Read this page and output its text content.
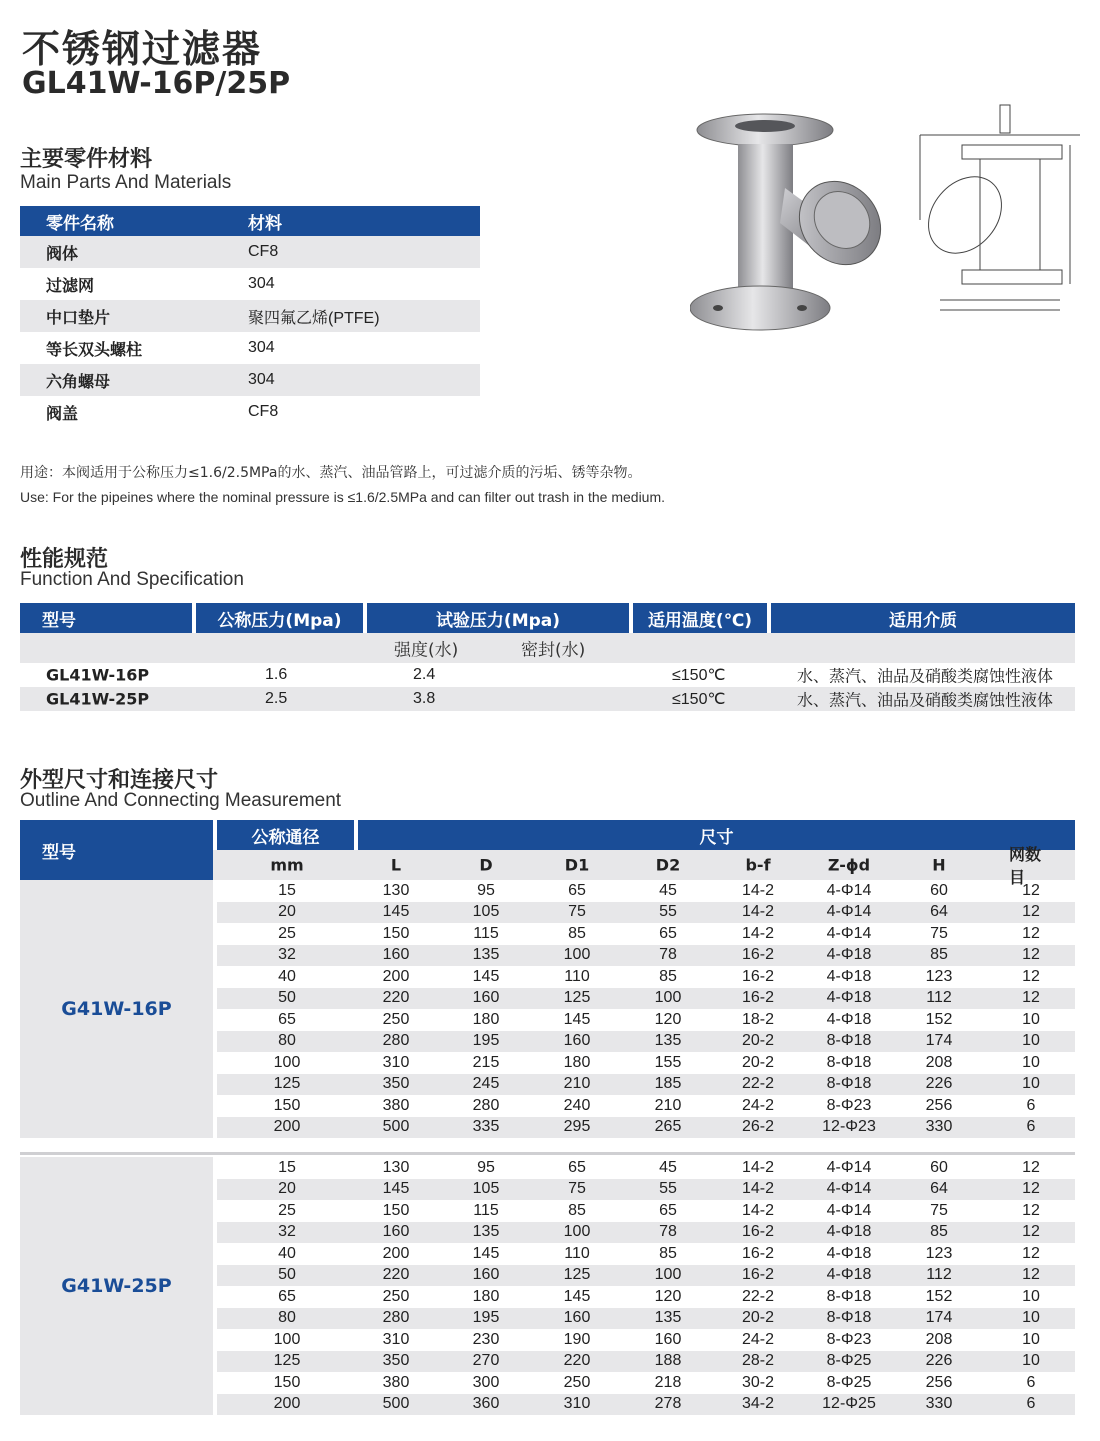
不锈钢过滤器
GL41W-16P/25P
主要零件材料
Main Parts And Materials
零件名称	材料
阀体	CF8
过滤网	304
中口垫片	聚四氟乙烯(PTFE)
等长双头螺柱	304
六角螺母	304
阀盖	CF8
用途：本阀适用于公称压力≤1.6/2.5MPa的水、蒸汽、油品管路上，可过滤介质的污垢、锈等杂物。
Use: For the pipeines where the nominal pressure is ≤1.6/2.5MPa and can filter out trash in the medium.
性能规范
Function And Specification
型号	公称压力(Mpa)	试验压力(Mpa)	适用温度(℃)	适用介质
强度(水)	密封(水)
GL41W-16P	1.6	2.4	≤150℃	水、蒸汽、油品及硝酸类腐蚀性液体
GL41W-25P	2.5	3.8	≤150℃	水、蒸汽、油品及硝酸类腐蚀性液体
外型尺寸和连接尺寸
Outline And Connecting Measurement
型号
公称通径	尺寸
mm	L	D	D1	D2	b-f	Z-ϕd	H
网数目
G41W-16P
15	130	95	65	45	14-2	4-Φ14	60	12
20	145	105	75	55	14-2	4-Φ14	64	12
25	150	115	85	65	14-2	4-Φ14	75	12
32	160	135	100	78	16-2	4-Φ18	85	12
40	200	145	110	85	16-2	4-Φ18	123	12
50	220	160	125	100	16-2	4-Φ18	112	12
65	250	180	145	120	18-2	4-Φ18	152	10
80	280	195	160	135	20-2	8-Φ18	174	10
100	310	215	180	155	20-2	8-Φ18	208	10
125	350	245	210	185	22-2	8-Φ18	226	10
150	380	280	240	210	24-2	8-Φ23	256	6
200	500	335	295	265	26-2	12-Φ23	330	6
G41W-25P
15	130	95	65	45	14-2	4-Φ14	60	12
20	145	105	75	55	14-2	4-Φ14	64	12
25	150	115	85	65	14-2	4-Φ14	75	12
32	160	135	100	78	16-2	4-Φ18	85	12
40	200	145	110	85	16-2	4-Φ18	123	12
50	220	160	125	100	16-2	4-Φ18	112	12
65	250	180	145	120	22-2	8-Φ18	152	10
80	280	195	160	135	20-2	8-Φ18	174	10
100	310	230	190	160	24-2	8-Φ23	208	10
125	350	270	220	188	28-2	8-Φ25	226	10
150	380	300	250	218	30-2	8-Φ25	256	6
200	500	360	310	278	34-2	12-Φ25	330	6
